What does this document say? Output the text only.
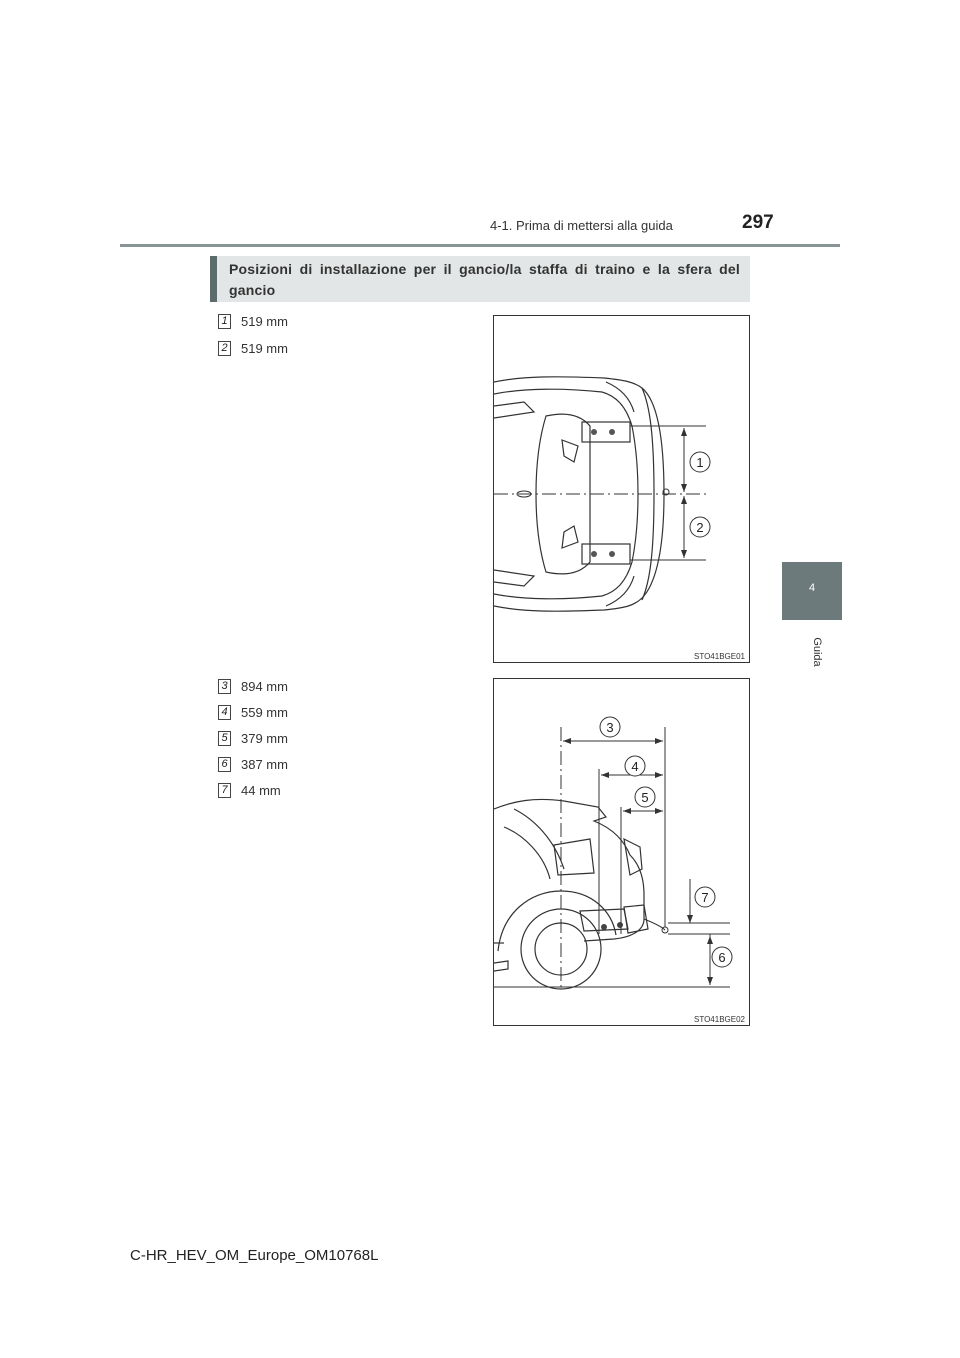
4-1. Prima di mettersi alla guida	297
4
Guida
Posizioni di installazione per il gancio/la staffa di traino e la sfera del gancio
1 519 mm
2 519 mm
3 894 mm
4 559 mm
5 379 mm
6 387 mm
7 44 mm
1
2
STO41BGE01
3
4
5
7
6
STO41BGE02
C-HR_HEV_OM_Europe_OM10768L
